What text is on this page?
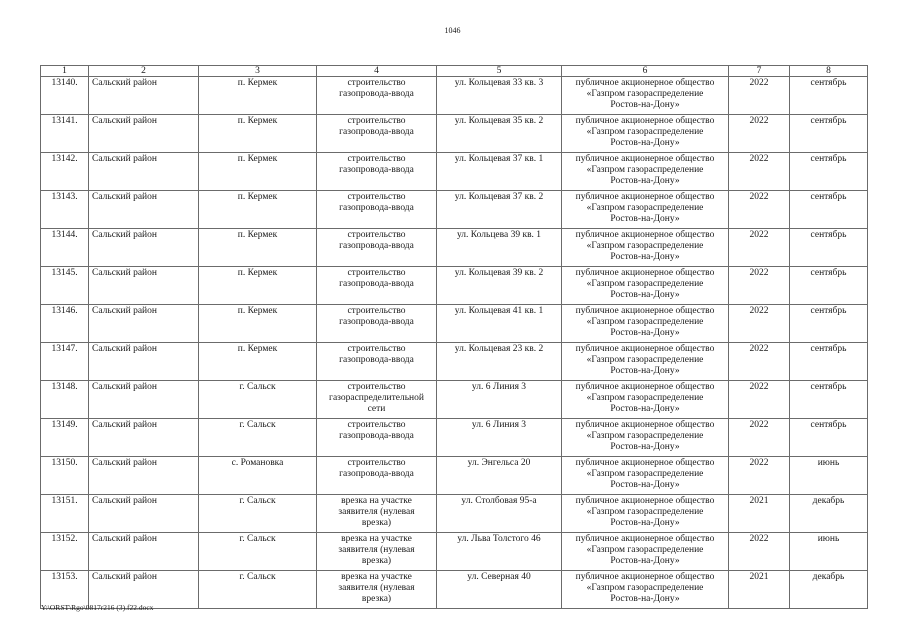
1046
1	2	3	4	5	6	7	8
13140.	Сальский район	п. Кермек	строительство
газопровода-ввода	ул. Кольцевая 33 кв. 3	публичное акционерное общество
«Газпром газораспределение
Ростов-на-Дону»	2022	сентябрь
13141.	Сальский район	п. Кермек	строительство
газопровода-ввода	ул. Кольцевая 35 кв. 2	публичное акционерное общество
«Газпром газораспределение
Ростов-на-Дону»	2022	сентябрь
13142.	Сальский район	п. Кермек	строительство
газопровода-ввода	ул. Кольцевая 37 кв. 1	публичное акционерное общество
«Газпром газораспределение
Ростов-на-Дону»	2022	сентябрь
13143.	Сальский район	п. Кермек	строительство
газопровода-ввода	ул. Кольцевая 37 кв. 2	публичное акционерное общество
«Газпром газораспределение
Ростов-на-Дону»	2022	сентябрь
13144.	Сальский район	п. Кермек	строительство
газопровода-ввода	ул. Кольцева 39 кв. 1	публичное акционерное общество
«Газпром газораспределение
Ростов-на-Дону»	2022	сентябрь
13145.	Сальский район	п. Кермек	строительство
газопровода-ввода	ул. Кольцевая 39 кв. 2	публичное акционерное общество
«Газпром газораспределение
Ростов-на-Дону»	2022	сентябрь
13146.	Сальский район	п. Кермек	строительство
газопровода-ввода	ул. Кольцевая 41 кв. 1	публичное акционерное общество
«Газпром газораспределение
Ростов-на-Дону»	2022	сентябрь
13147.	Сальский район	п. Кермек	строительство
газопровода-ввода	ул. Кольцевая 23 кв. 2	публичное акционерное общество
«Газпром газораспределение
Ростов-на-Дону»	2022	сентябрь
13148.	Сальский район	г. Сальск	строительство
газораспределительной
сети	ул. 6 Линия 3	публичное акционерное общество
«Газпром газораспределение
Ростов-на-Дону»	2022	сентябрь
13149.	Сальский район	г. Сальск	строительство
газопровода-ввода	ул. 6 Линия 3	публичное акционерное общество
«Газпром газораспределение
Ростов-на-Дону»	2022	сентябрь
13150.	Сальский район	с. Романовка	строительство
газопровода-ввода	ул. Энгельса 20	публичное акционерное общество
«Газпром газораспределение
Ростов-на-Дону»	2022	июнь
13151.	Сальский район	г. Сальск	врезка на участке
заявителя (нулевая
врезка)	ул. Столбовая 95-а	публичное акционерное общество
«Газпром газораспределение
Ростов-на-Дону»	2021	декабрь
13152.	Сальский район	г. Сальск	врезка на участке
заявителя (нулевая
врезка)	ул. Льва Толстого 46	публичное акционерное общество
«Газпром газораспределение
Ростов-на-Дону»	2022	июнь
13153.	Сальский район	г. Сальск	врезка на участке
заявителя (нулевая
врезка)	ул. Северная 40	публичное акционерное общество
«Газпром газораспределение
Ростов-на-Дону»	2021	декабрь
Y:\ORST\Rgo\0817r216 (3).f22.docx
